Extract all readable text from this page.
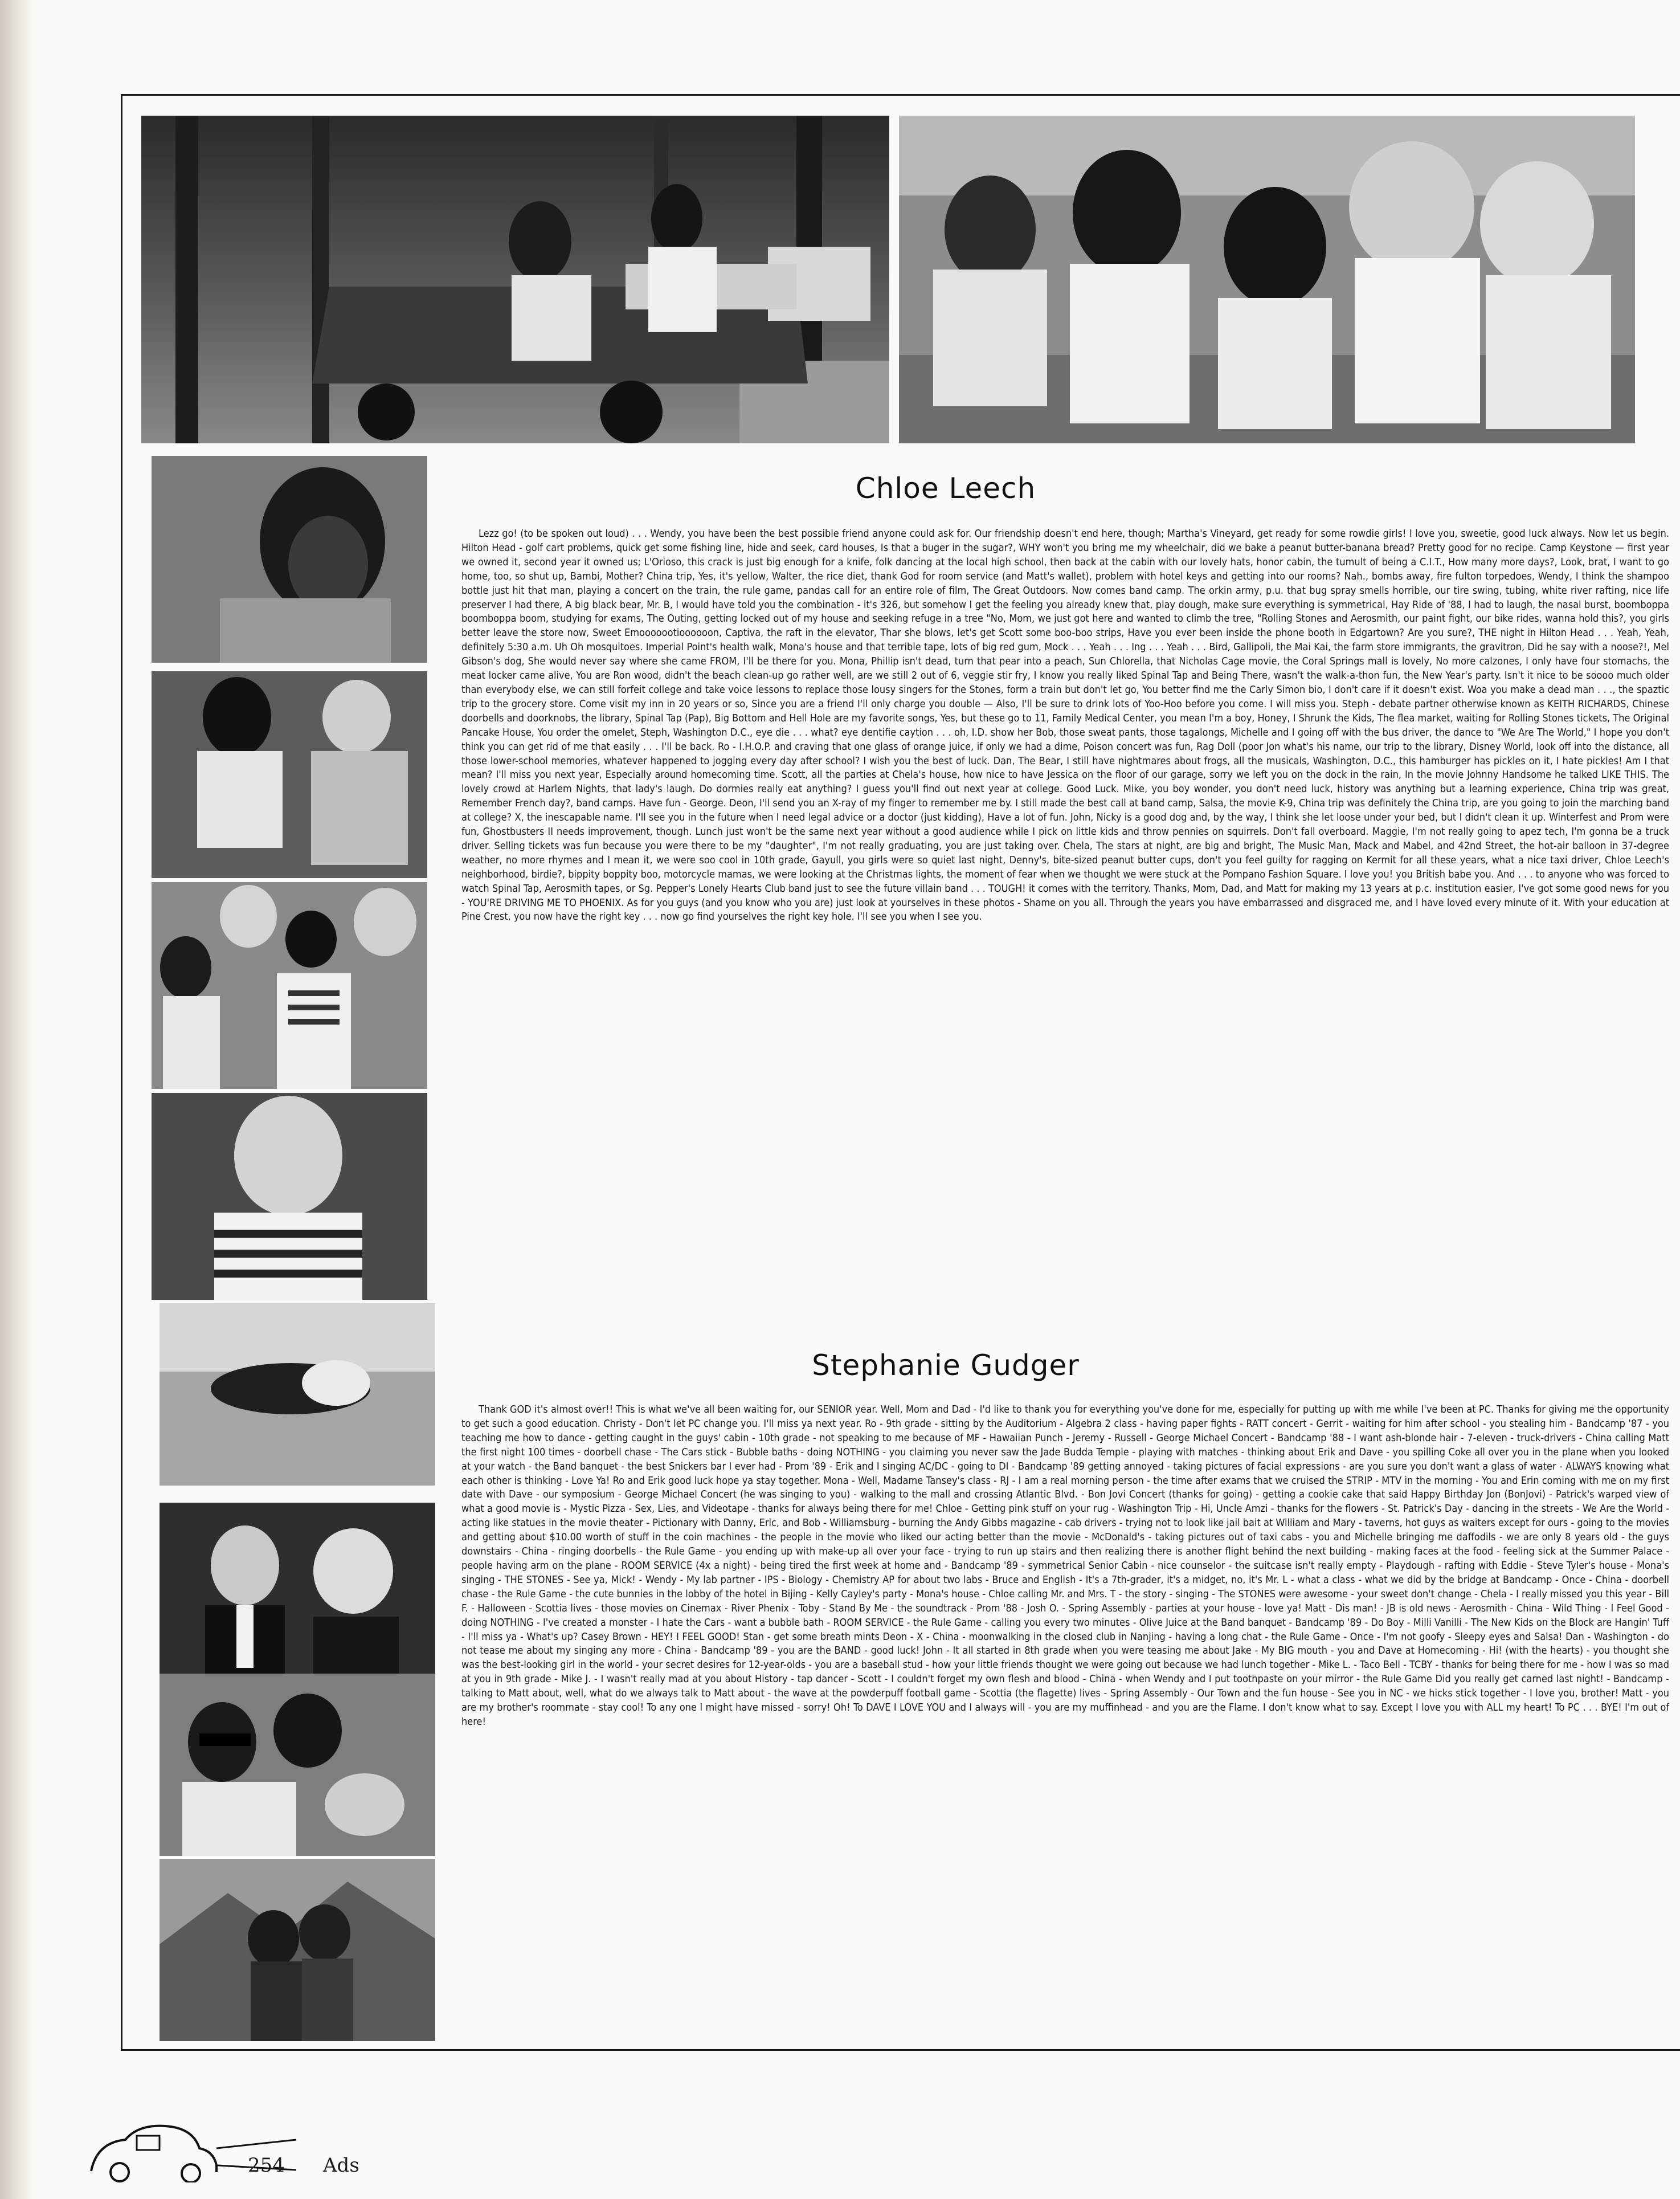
Chloe Leech

Lezz go! (to be spoken out loud) . . . Wendy, you have been the best possible friend anyone could ask for. Our friendship doesn't end here, though; Martha's Vineyard, get ready for some rowdie girls! I love you, sweetie, good luck always. Now let us begin. Hilton Head - golf cart problems, quick get some fishing line, hide and seek, card houses, Is that a buger in the sugar?, WHY won't you bring me my wheelchair, did we bake a peanut butter-banana bread? Pretty good for no recipe. Camp Keystone — first year we owned it, second year it owned us; L'Orioso, this crack is just big enough for a knife, folk dancing at the local high school, then back at the cabin with our lovely hats, honor cabin, the tumult of being a C.I.T., How many more days?, Look, brat, I want to go home, too, so shut up, Bambi, Mother? China trip, Yes, it's yellow, Walter, the rice diet, thank God for room service (and Matt's wallet), problem with hotel keys and getting into our rooms? Nah., bombs away, fire fulton torpedoes, Wendy, I think the shampoo bottle just hit that man, playing a concert on the train, the rule game, pandas call for an entire role of film, The Great Outdoors. Now comes band camp. The orkin army, p.u. that bug spray smells horrible, our tire swing, tubing, white river rafting, nice life preserver I had there, A big black bear, Mr. B, I would have told you the combination - it's 326, but somehow I get the feeling you already knew that, play dough, make sure everything is symmetrical, Hay Ride of '88, I had to laugh, the nasal burst, boomboppa boomboppa boom, studying for exams, The Outing, getting locked out of my house and seeking refuge in a tree "No, Mom, we just got here and wanted to climb the tree, "Rolling Stones and Aerosmith, our paint fight, our bike rides, wanna hold this?, you girls better leave the store now, Sweet Emooooootioooooon, Captiva, the raft in the elevator, Thar she blows, let's get Scott some boo-boo strips, Have you ever been inside the phone booth in Edgartown? Are you sure?, THE night in Hilton Head . . . Yeah, Yeah, definitely 5:30 a.m. Uh Oh mosquitoes. Imperial Point's health walk, Mona's house and that terrible tape, lots of big red gum, Mock . . . Yeah . . . Ing . . . Yeah . . . Bird, Gallipoli, the Mai Kai, the farm store immigrants, the gravitron, Did he say with a noose?!, Mel Gibson's dog, She would never say where she came FROM, I'll be there for you. Mona, Phillip isn't dead, turn that pear into a peach, Sun Chlorella, that Nicholas Cage movie, the Coral Springs mall is lovely, No more calzones, I only have four stomachs, the meat locker came alive, You are Ron wood, didn't the beach clean-up go rather well, are we still 2 out of 6, veggie stir fry, I know you really liked Spinal Tap and Being There, wasn't the walk-a-thon fun, the New Year's party. Isn't it nice to be soooo much older than everybody else, we can still forfeit college and take voice lessons to replace those lousy singers for the Stones, form a train but don't let go, You better find me the Carly Simon bio, I don't care if it doesn't exist. Woa you make a dead man . . ., the spaztic trip to the grocery store. Come visit my inn in 20 years or so, Since you are a friend I'll only charge you double — Also, I'll be sure to drink lots of Yoo-Hoo before you come. I will miss you. Steph - debate partner otherwise known as KEITH RICHARDS, Chinese doorbells and doorknobs, the library, Spinal Tap (Pap), Big Bottom and Hell Hole are my favorite songs, Yes, but these go to 11, Family Medical Center, you mean I'm a boy, Honey, I Shrunk the Kids, The flea market, waiting for Rolling Stones tickets, The Original Pancake House, You order the omelet, Steph, Washington D.C., eye die . . . what? eye dentifie caytion . . . oh, I.D. show her Bob, those sweat pants, those tagalongs, Michelle and I going off with the bus driver, the dance to "We Are The World," I hope you don't think you can get rid of me that easily . . . I'll be back. Ro - I.H.O.P. and craving that one glass of orange juice, if only we had a dime, Poison concert was fun, Rag Doll (poor Jon what's his name, our trip to the library, Disney World, look off into the distance, all those lower-school memories, whatever happened to jogging every day after school? I wish you the best of luck. Dan, The Bear, I still have nightmares about frogs, all the musicals, Washington, D.C., this hamburger has pickles on it, I hate pickles! Am I that mean? I'll miss you next year, Especially around homecoming time. Scott, all the parties at Chela's house, how nice to have Jessica on the floor of our garage, sorry we left you on the dock in the rain, In the movie Johnny Handsome he talked LIKE THIS. The lovely crowd at Harlem Nights, that lady's laugh. Do dormies really eat anything? I guess you'll find out next year at college. Good Luck. Mike, you boy wonder, you don't need luck, history was anything but a learning experience, China trip was great, Remember French day?, band camps. Have fun - George. Deon, I'll send you an X-ray of my finger to remember me by. I still made the best call at band camp, Salsa, the movie K-9, China trip was definitely the China trip, are you going to join the marching band at college? X, the inescapable name. I'll see you in the future when I need legal advice or a doctor (just kidding), Have a lot of fun. John, Nicky is a good dog and, by the way, I think she let loose under your bed, but I didn't clean it up. Winterfest and Prom were fun, Ghostbusters II needs improvement, though. Lunch just won't be the same next year without a good audience while I pick on little kids and throw pennies on squirrels. Don't fall overboard. Maggie, I'm not really going to apez tech, I'm gonna be a truck driver. Selling tickets was fun because you were there to be my "daughter", I'm not really graduating, you are just taking over. Chela, The stars at night, are big and bright, The Music Man, Mack and Mabel, and 42nd Street, the hot-air balloon in 37-degree weather, no more rhymes and I mean it, we were soo cool in 10th grade, Gayull, you girls were so quiet last night, Denny's, bite-sized peanut butter cups, don't you feel guilty for ragging on Kermit for all these years, what a nice taxi driver, Chloe Leech's neighborhood, birdie?, bippity boppity boo, motorcycle mamas, we were looking at the Christmas lights, the moment of fear when we thought we were stuck at the Pompano Fashion Square. I love you! you British babe you. And . . . to anyone who was forced to watch Spinal Tap, Aerosmith tapes, or Sg. Pepper's Lonely Hearts Club band just to see the future villain band . . . TOUGH! it comes with the territory. Thanks, Mom, Dad, and Matt for making my 13 years at p.c. institution easier, I've got some good news for you - YOU'RE DRIVING ME TO PHOENIX. As for you guys (and you know who you are) just look at yourselves in these photos - Shame on you all. Through the years you have embarrassed and disgraced me, and I have loved every minute of it. With your education at Pine Crest, you now have the right key . . . now go find yourselves the right key hole. I'll see you when I see you.

Stephanie Gudger

Thank GOD it's almost over!! This is what we've all been waiting for, our SENIOR year. Well, Mom and Dad - I'd like to thank you for everything you've done for me, especially for putting up with me while I've been at PC. Thanks for giving me the opportunity to get such a good education. Christy - Don't let PC change you. I'll miss ya next year. Ro - 9th grade - sitting by the Auditorium - Algebra 2 class - having paper fights - RATT concert - Gerrit - waiting for him after school - you stealing him - Bandcamp '87 - you teaching me how to dance - getting caught in the guys' cabin - 10th grade - not speaking to me because of MF - Hawaiian Punch - Jeremy - Russell - George Michael Concert - Bandcamp '88 - I want ash-blonde hair - 7-eleven - truck-drivers - China calling Matt the first night 100 times - doorbell chase - The Cars stick - Bubble baths - doing NOTHING - you claiming you never saw the Jade Budda Temple - playing with matches - thinking about Erik and Dave - you spilling Coke all over you in the plane when you looked at your watch - the Band banquet - the best Snickers bar I ever had - Prom '89 - Erik and I singing AC/DC - going to DI - Bandcamp '89 getting annoyed - taking pictures of facial expressions - are you sure you don't want a glass of water - ALWAYS knowing what each other is thinking - Love Ya! Ro and Erik good luck hope ya stay together. Mona - Well, Madame Tansey's class - RJ - I am a real morning person - the time after exams that we cruised the STRIP - MTV in the morning - You and Erin coming with me on my first date with Dave - our symposium - George Michael Concert (he was singing to you) - walking to the mall and crossing Atlantic Blvd. - Bon Jovi Concert (thanks for going) - getting a cookie cake that said Happy Birthday Jon (BonJovi) - Patrick's warped view of what a good movie is - Mystic Pizza - Sex, Lies, and Videotape - thanks for always being there for me! Chloe - Getting pink stuff on your rug - Washington Trip - Hi, Uncle Amzi - thanks for the flowers - St. Patrick's Day - dancing in the streets - We Are the World - acting like statues in the movie theater - Pictionary with Danny, Eric, and Bob - Williamsburg - burning the Andy Gibbs magazine - cab drivers - trying not to look like jail bait at William and Mary - taverns, hot guys as waiters except for ours - going to the movies and getting about $10.00 worth of stuff in the coin machines - the people in the movie who liked our acting better than the movie - McDonald's - taking pictures out of taxi cabs - you and Michelle bringing me daffodils - we are only 8 years old - the guys downstairs - China - ringing doorbells - the Rule Game - you ending up with make-up all over your face - trying to run up stairs and then realizing there is another flight behind the next building - making faces at the food - feeling sick at the Summer Palace - people having arm on the plane - ROOM SERVICE (4x a night) - being tired the first week at home and - Bandcamp '89 - symmetrical Senior Cabin - nice counselor - the suitcase isn't really empty - Playdough - rafting with Eddie - Steve Tyler's house - Mona's singing - THE STONES - See ya, Mick! - Wendy - My lab partner - IPS - Biology - Chemistry AP for about two labs - Bruce and English - It's a 7th-grader, it's a midget, no, it's Mr. L - what a class - what we did by the bridge at Bandcamp - Once - China - doorbell chase - the Rule Game - the cute bunnies in the lobby of the hotel in Bijing - Kelly Cayley's party - Mona's house - Chloe calling Mr. and Mrs. T - the story - singing - The STONES were awesome - your sweet don't change - Chela - I really missed you this year - Bill F. - Halloween - Scottia lives - those movies on Cinemax - River Phenix - Toby - Stand By Me - the soundtrack - Prom '88 - Josh O. - Spring Assembly - parties at your house - love ya! Matt - Dis man! - JB is old news - Aerosmith - China - Wild Thing - I Feel Good - doing NOTHING - I've created a monster - I hate the Cars - want a bubble bath - ROOM SERVICE - the Rule Game - calling you every two minutes - Olive Juice at the Band banquet - Bandcamp '89 - Do Boy - Milli Vanilli - The New Kids on the Block are Hangin' Tuff - I'll miss ya - What's up? Casey Brown - HEY! I FEEL GOOD! Stan - get some breath mints Deon - X - China - moonwalking in the closed club in Nanjing - having a long chat - the Rule Game - Once - I'm not goofy - Sleepy eyes and Salsa! Dan - Washington - do not tease me about my singing any more - China - Bandcamp '89 - you are the BAND - good luck! John - It all started in 8th grade when you were teasing me about Jake - My BIG mouth - you and Dave at Homecoming - Hi! (with the hearts) - you thought she was the best-looking girl in the world - your secret desires for 12-year-olds - you are a baseball stud - how your little friends thought we were going out because we had lunch together - Mike L. - Taco Bell - TCBY - thanks for being there for me - how I was so mad at you in 9th grade - Mike J. - I wasn't really mad at you about History - tap dancer - Scott - I couldn't forget my own flesh and blood - China - when Wendy and I put toothpaste on your mirror - the Rule Game Did you really get carned last night! - Bandcamp - talking to Matt about, well, what do we always talk to Matt about - the wave at the powderpuff football game - Scottia (the flagette) lives - Spring Assembly - Our Town and the fun house - See you in NC - we hicks stick together - I love you, brother! Matt - you are my brother's roommate - stay cool! To any one I might have missed - sorry! Oh! To DAVE I LOVE YOU and I always will - you are my muffinhead - and you are the Flame. I don't know what to say. Except I love you with ALL my heart! To PC . . . BYE! I'm out of here!

254 Ads
